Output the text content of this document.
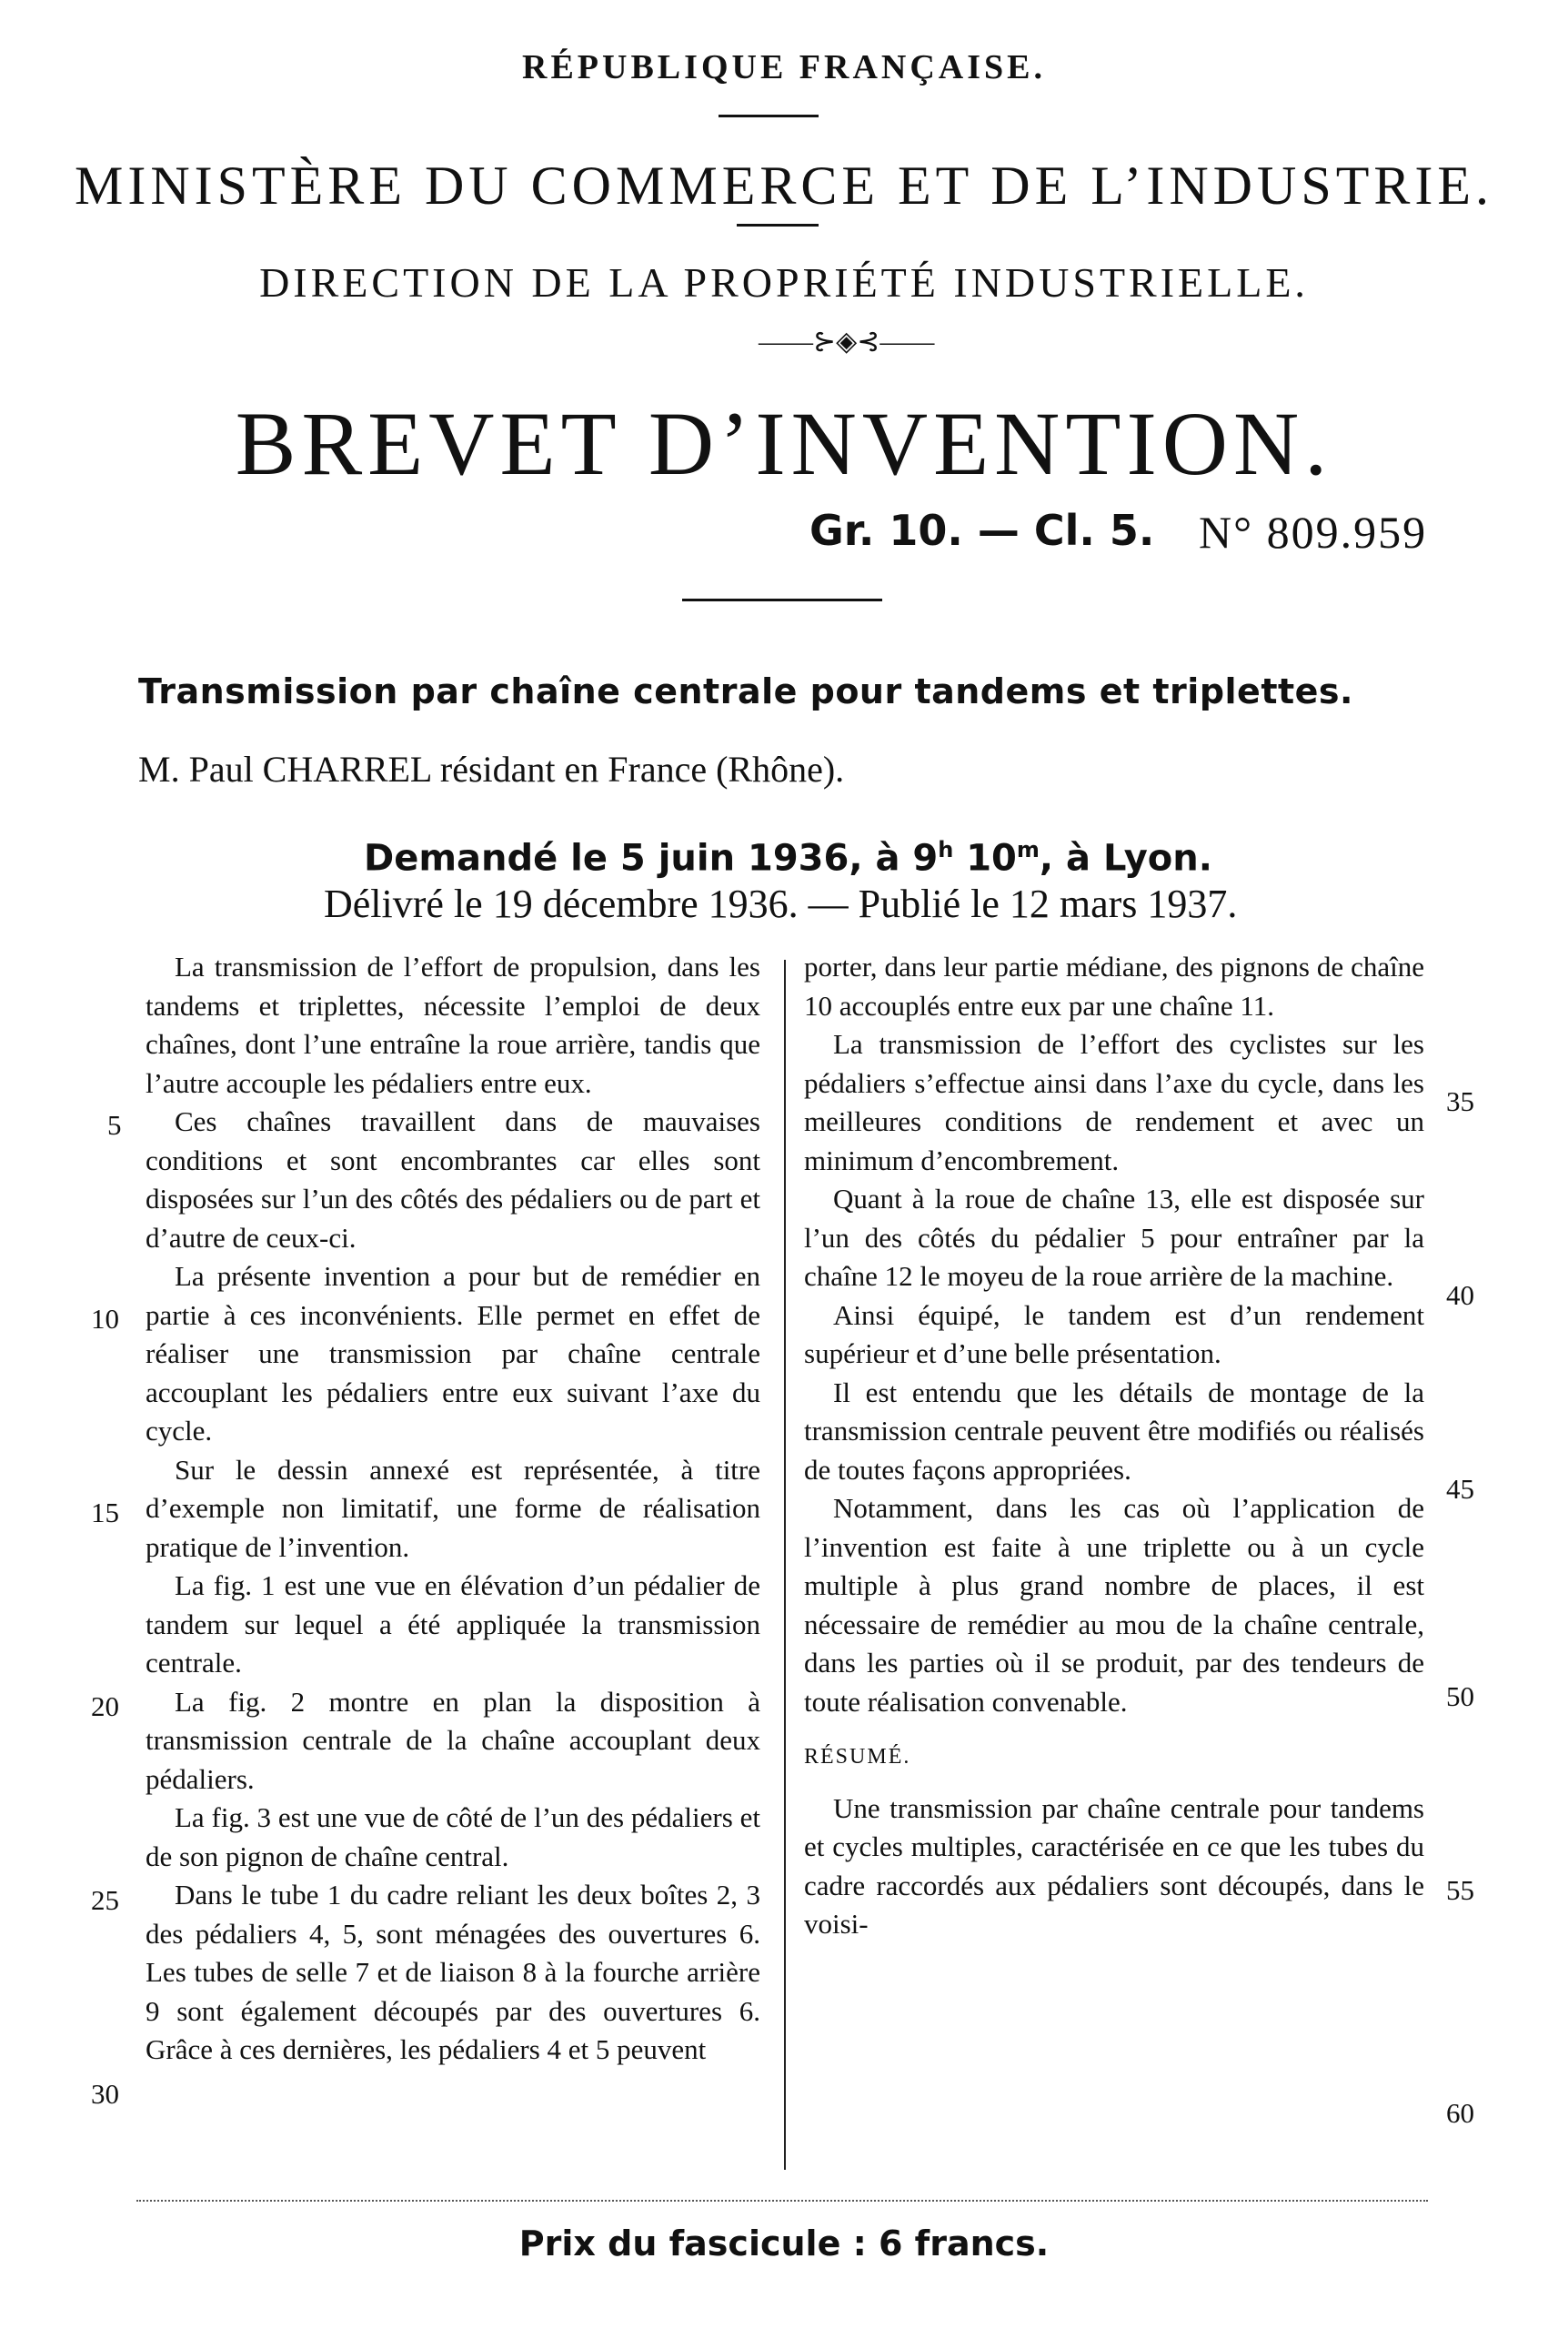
RÉPUBLIQUE FRANÇAISE.
MINISTÈRE DU COMMERCE ET DE L’INDUSTRIE.
DIRECTION DE LA PROPRIÉTÉ INDUSTRIELLE.
——⊱◈⊰——
BREVET D’INVENTION.
Gr. 10. — Cl. 5. N° 809.959
Transmission par chaîne centrale pour tandems et triplettes.
M. Paul CHARREL résidant en France (Rhône).
Demandé le 5 juin 1936, à 9$^h$ 10$^m$, à Lyon.
Délivré le 19 décembre 1936. — Publié le 12 mars 1937.

La transmission de l’effort de propulsion, dans les tandems et triplettes, nécessite l’emploi de deux chaînes, dont l’une entraîne la roue arrière, tandis que l’autre accouple les pédaliers entre eux.

Ces chaînes travaillent dans de mauvaises conditions et sont encombrantes car elles sont disposées sur l’un des côtés des pédaliers ou de part et d’autre de ceux-ci.

La présente invention a pour but de remédier en partie à ces inconvénients. Elle permet en effet de réaliser une transmission par chaîne centrale accouplant les pédaliers entre eux suivant l’axe du cycle.

Sur le dessin annexé est représentée, à titre d’exemple non limitatif, une forme de réalisation pratique de l’invention.

La fig. 1 est une vue en élévation d’un pédalier de tandem sur lequel a été appliquée la transmission centrale.

La fig. 2 montre en plan la disposition à transmission centrale de la chaîne accouplant deux pédaliers.

La fig. 3 est une vue de côté de l’un des pédaliers et de son pignon de chaîne central.

Dans le tube 1 du cadre reliant les deux boîtes 2, 3 des pédaliers 4, 5, sont ménagées des ouvertures 6. Les tubes de selle 7 et de liaison 8 à la fourche arrière 9 sont également découpés par des ouvertures 6. Grâce à ces dernières, les pédaliers 4 et 5 peuvent

porter, dans leur partie médiane, des pignons de chaîne 10 accouplés entre eux par une chaîne 11.

La transmission de l’effort des cyclistes sur les pédaliers s’effectue ainsi dans l’axe du cycle, dans les meilleures conditions de rendement et avec un minimum d’encombrement.

Quant à la roue de chaîne 13, elle est disposée sur l’un des côtés du pédalier 5 pour entraîner par la chaîne 12 le moyeu de la roue arrière de la machine.

Ainsi équipé, le tandem est d’un rendement supérieur et d’une belle présentation.

Il est entendu que les détails de montage de la transmission centrale peuvent être modifiés ou réalisés de toutes façons appropriées.

Notamment, dans les cas où l’application de l’invention est faite à une triplette ou à un cycle multiple à plus grand nombre de places, il est nécessaire de remédier au mou de la chaîne centrale, dans les parties où il se produit, par des tendeurs de toute réalisation convenable.

RÉSUMÉ.

Une transmission par chaîne centrale pour tandems et cycles multiples, caractérisée en ce que les tubes du cadre raccordés aux pédaliers sont découpés, dans le voisi-

5
10
15
20
25
30
35
40
45
50
55
60
Prix du fascicule : 6 francs.
